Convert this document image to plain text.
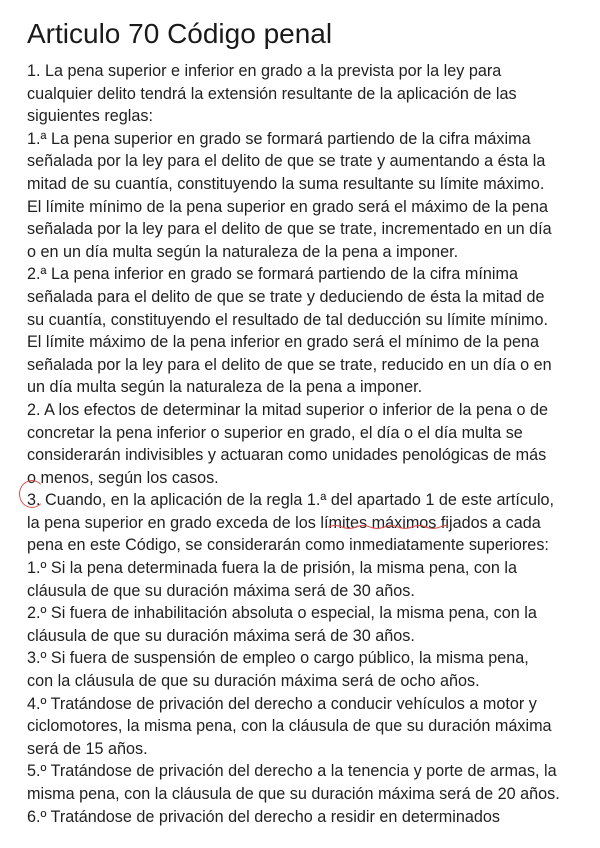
Articulo 70 Código penal
1. La pena superior e inferior en grado a la prevista por la ley para
cualquier delito tendrá la extensión resultante de la aplicación de las
siguientes reglas:
1.ª La pena superior en grado se formará partiendo de la cifra máxima
señalada por la ley para el delito de que se trate y aumentando a ésta la
mitad de su cuantía, constituyendo la suma resultante su límite máximo.
El límite mínimo de la pena superior en grado será el máximo de la pena
señalada por la ley para el delito de que se trate, incrementado en un día
o en un día multa según la naturaleza de la pena a imponer.
2.ª La pena inferior en grado se formará partiendo de la cifra mínima
señalada para el delito de que se trate y deduciendo de ésta la mitad de
su cuantía, constituyendo el resultado de tal deducción su límite mínimo.
El límite máximo de la pena inferior en grado será el mínimo de la pena
señalada por la ley para el delito de que se trate, reducido en un día o en
un día multa según la naturaleza de la pena a imponer.
2. A los efectos de determinar la mitad superior o inferior de la pena o de
concretar la pena inferior o superior en grado, el día o el día multa se
considerarán indivisibles y actuaran como unidades penológicas de más
o menos, según los casos.
3. Cuando, en la aplicación de la regla 1.ª del apartado 1 de este artículo,
la pena superior en grado exceda de los límites máximos fijados a cada
pena en este Código, se considerarán como inmediatamente superiores:
1.º Si la pena determinada fuera la de prisión, la misma pena, con la
cláusula de que su duración máxima será de 30 años.
2.º Si fuera de inhabilitación absoluta o especial, la misma pena, con la
cláusula de que su duración máxima será de 30 años.
3.º Si fuera de suspensión de empleo o cargo público, la misma pena,
con la cláusula de que su duración máxima será de ocho años.
4.º Tratándose de privación del derecho a conducir vehículos a motor y
ciclomotores, la misma pena, con la cláusula de que su duración máxima
será de 15 años.
5.º Tratándose de privación del derecho a la tenencia y porte de armas, la
misma pena, con la cláusula de que su duración máxima será de 20 años.
6.º Tratándose de privación del derecho a residir en determinados
